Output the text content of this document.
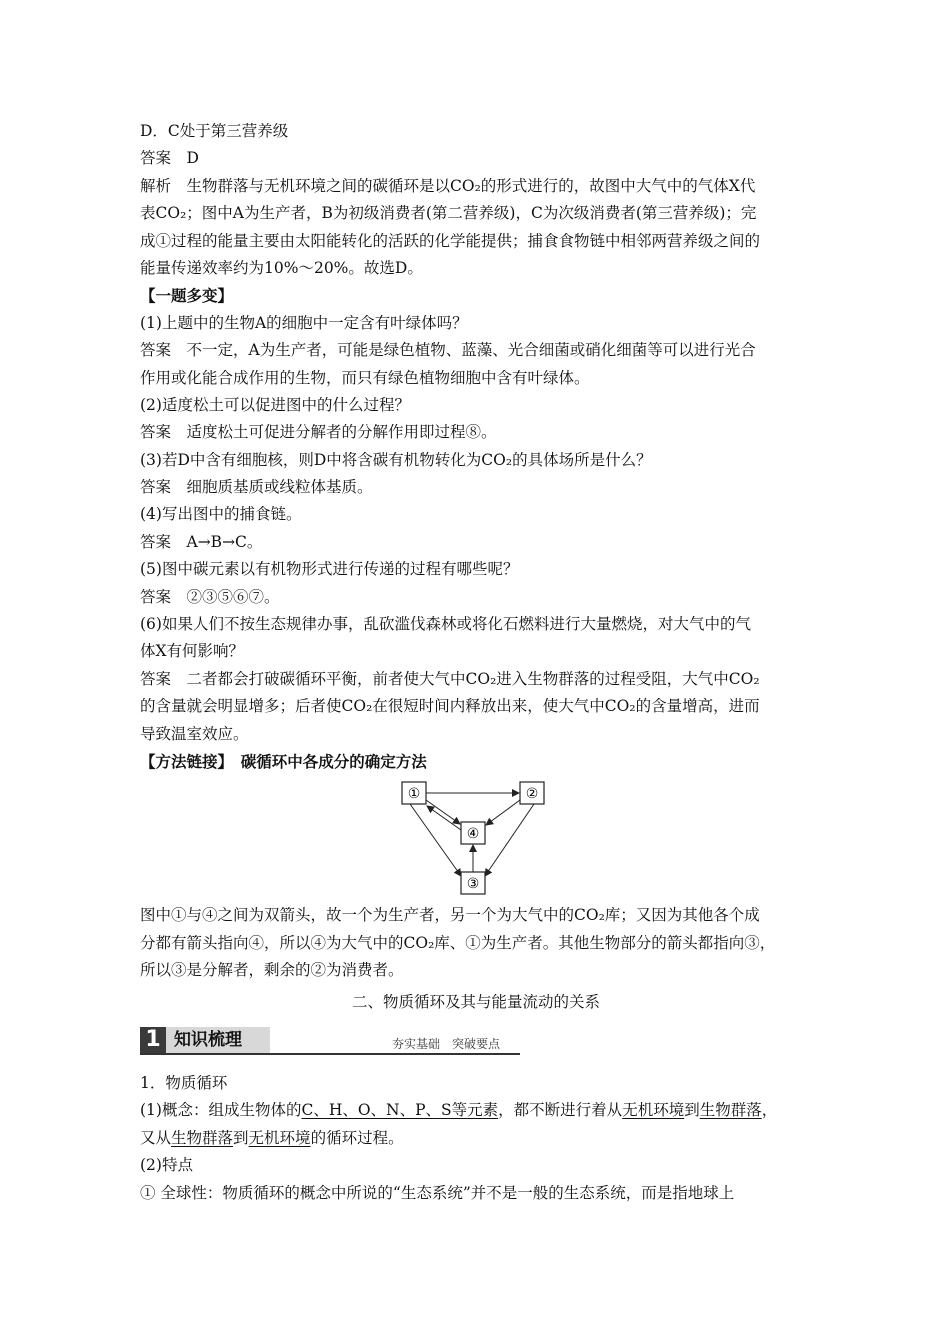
D．C处于第三营养级
答案　D
解析　生物群落与无机环境之间的碳循环是以CO₂的形式进行的，故图中大气中的气体X代
表CO₂；图中A为生产者，B为初级消费者(第二营养级)，C为次级消费者(第三营养级)；完
成①过程的能量主要由太阳能转化的活跃的化学能提供；捕食食物链中相邻两营养级之间的
能量传递效率约为10%～20%。故选D。
【一题多变】
(1)上题中的生物A的细胞中一定含有叶绿体吗？
答案　不一定，A为生产者，可能是绿色植物、蓝藻、光合细菌或硝化细菌等可以进行光合
作用或化能合成作用的生物，而只有绿色植物细胞中含有叶绿体。
(2)适度松土可以促进图中的什么过程？
答案　适度松土可促进分解者的分解作用即过程⑧。
(3)若D中含有细胞核，则D中将含碳有机物转化为CO₂的具体场所是什么？
答案　细胞质基质或线粒体基质。
(4)写出图中的捕食链。
答案　A→B→C。
(5)图中碳元素以有机物形式进行传递的过程有哪些呢？
答案　②③⑤⑥⑦。
(6)如果人们不按生态规律办事，乱砍滥伐森林或将化石燃料进行大量燃烧，对大气中的气
体X有何影响？
答案　二者都会打破碳循环平衡，前者使大气中CO₂进入生物群落的过程受阻，大气中CO₂
的含量就会明显增多；后者使CO₂在很短时间内释放出来，使大气中CO₂的含量增高，进而
导致温室效应。
【方法链接】　碳循环中各成分的确定方法
①	②
③
④
图中①与④之间为双箭头，故一个为生产者，另一个为大气中的CO₂库；又因为其他各个成
分都有箭头指向④，所以④为大气中的CO₂库、①为生产者。其他生物部分的箭头都指向③，
所以③是分解者，剩余的②为消费者。
二、物质循环及其与能量流动的关系
1 知识梳理	夯实基础　突破要点
1．物质循环
(1)概念：组成生物体的C、H、O、N、P、S等元素，都不断进行着从无机环境到生物群落，
又从生物群落到无机环境的循环过程。
(2)特点
① 全球性：物质循环的概念中所说的“生态系统”并不是一般的生态系统，而是指地球上
